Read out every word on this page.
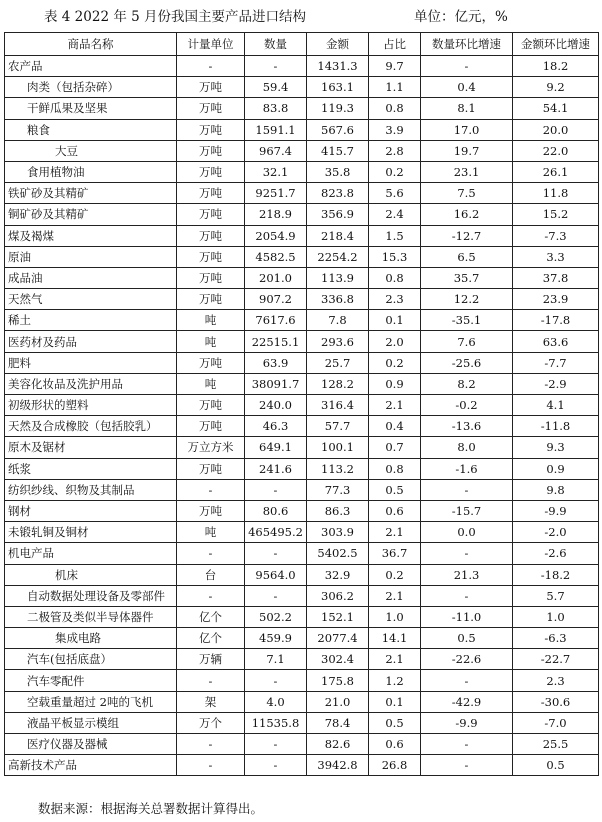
表 4 2022 年 5 月份我国主要产品进口结构	单位：亿元，%
商品名称	计量单位	数量	金额	占比	数量环比增速	金额环比增速
农产品	-	-	1431.3	9.7	-	18.2
肉类（包括杂碎）	万吨	59.4	163.1	1.1	0.4	9.2
干鲜瓜果及坚果	万吨	83.8	119.3	0.8	8.1	54.1
粮食	万吨	1591.1	567.6	3.9	17.0	20.0
大豆	万吨	967.4	415.7	2.8	19.7	22.0
食用植物油	万吨	32.1	35.8	0.2	23.1	26.1
铁矿砂及其精矿	万吨	9251.7	823.8	5.6	7.5	11.8
铜矿砂及其精矿	万吨	218.9	356.9	2.4	16.2	15.2
煤及褐煤	万吨	2054.9	218.4	1.5	-12.7	-7.3
原油	万吨	4582.5	2254.2	15.3	6.5	3.3
成品油	万吨	201.0	113.9	0.8	35.7	37.8
天然气	万吨	907.2	336.8	2.3	12.2	23.9
稀土	吨	7617.6	7.8	0.1	-35.1	-17.8
医药材及药品	吨	22515.1	293.6	2.0	7.6	63.6
肥料	万吨	63.9	25.7	0.2	-25.6	-7.7
美容化妆品及洗护用品	吨	38091.7	128.2	0.9	8.2	-2.9
初级形状的塑料	万吨	240.0	316.4	2.1	-0.2	4.1
天然及合成橡胶（包括胶乳）	万吨	46.3	57.7	0.4	-13.6	-11.8
原木及锯材	万立方米	649.1	100.1	0.7	8.0	9.3
纸浆	万吨	241.6	113.2	0.8	-1.6	0.9
纺织纱线、织物及其制品	-	-	77.3	0.5	-	9.8
钢材	万吨	80.6	86.3	0.6	-15.7	-9.9
未锻轧铜及铜材	吨	465495.2	303.9	2.1	0.0	-2.0
机电产品	-	-	5402.5	36.7	-	-2.6
机床	台	9564.0	32.9	0.2	21.3	-18.2
自动数据处理设备及零部件	-	-	306.2	2.1	-	5.7
二极管及类似半导体器件	亿个	502.2	152.1	1.0	-11.0	1.0
集成电路	亿个	459.9	2077.4	14.1	0.5	-6.3
汽车(包括底盘）	万辆	7.1	302.4	2.1	-22.6	-22.7
汽车零配件	-	-	175.8	1.2	-	2.3
空载重量超过 2吨的飞机	架	4.0	21.0	0.1	-42.9	-30.6
液晶平板显示模组	万个	11535.8	78.4	0.5	-9.9	-7.0
医疗仪器及器械	-	-	82.6	0.6	-	25.5
高新技术产品	-	-	3942.8	26.8	-	0.5
数据来源：根据海关总署数据计算得出。
